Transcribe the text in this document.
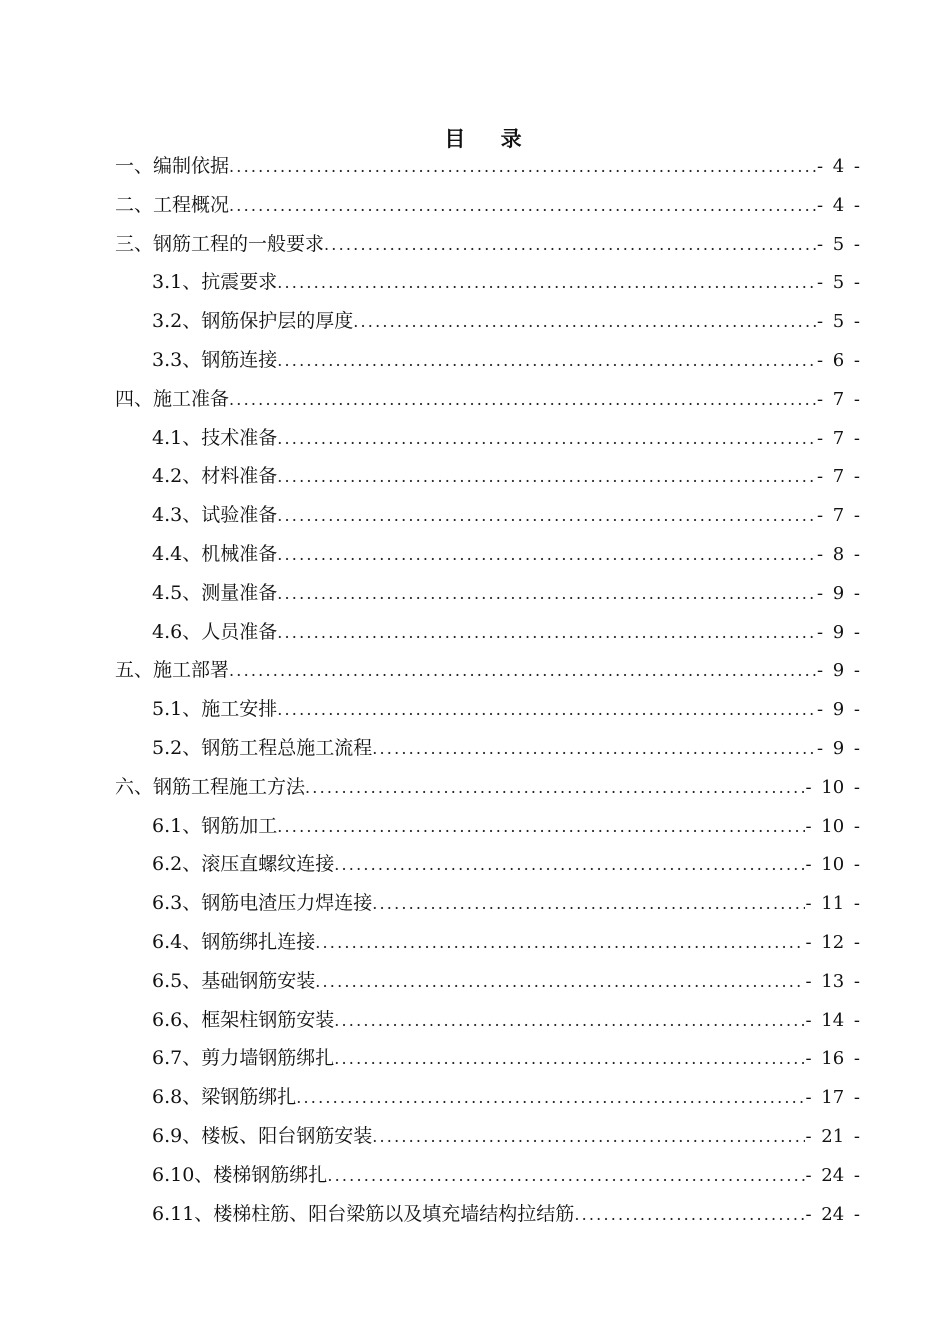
目 录
一、编制依据 .....	- 4 -
二、工程概况 .....	- 4 -
三、钢筋工程的一般要求 .....	- 5 -
3.1、抗震要求 .....	- 5 -
3.2、钢筋保护层的厚度 .....	- 5 -
3.3、钢筋连接 .....	- 6 -
四、施工准备 .....	- 7 -
4.1、技术准备 .....	- 7 -
4.2、材料准备 .....	- 7 -
4.3、试验准备 .....	- 7 -
4.4、机械准备 .....	- 8 -
4.5、测量准备 .....	- 9 -
4.6、人员准备 .....	- 9 -
五、施工部署 .....	- 9 -
5.1、施工安排 .....	- 9 -
5.2、钢筋工程总施工流程 .....	- 9 -
六、钢筋工程施工方法 .....	- 10 -
6.1、钢筋加工 .....	- 10 -
6.2、滚压直螺纹连接 .....	- 10 -
6.3、钢筋电渣压力焊连接 .....	- 11 -
6.4、钢筋绑扎连接 .....	- 12 -
6.5、基础钢筋安装 .....	- 13 -
6.6、框架柱钢筋安装 .....	- 14 -
6.7、剪力墙钢筋绑扎 .....	- 16 -
6.8、梁钢筋绑扎 .....	- 17 -
6.9、楼板、阳台钢筋安装 .....	- 21 -
6.10、楼梯钢筋绑扎 .....	- 24 -
6.11、楼梯柱筋、阳台梁筋以及填充墙结构拉结筋 .....	- 24 -
